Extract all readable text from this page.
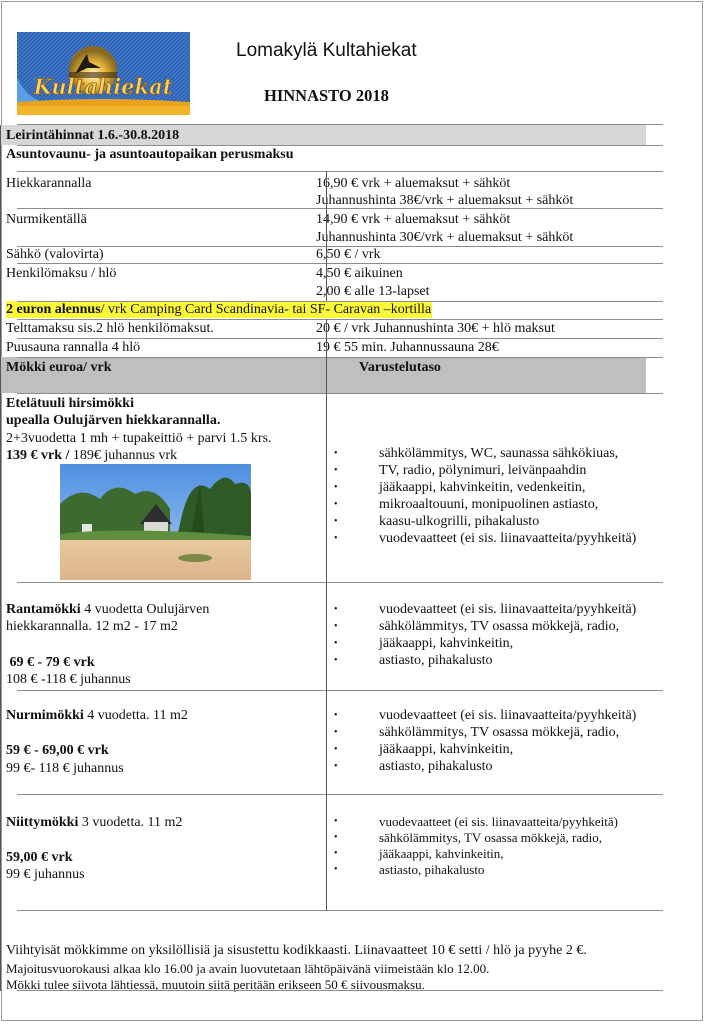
Kultahiekat
Lomakylä Kultahiekat
HINNASTO 2018
Leirintähinnat 1.6.-30.8.2018
Asuntovaunu- ja asuntoautopaikan perusmaksu
Hiekkarannalla	16,90 € vrk + aluemaksut + sähköt
Juhannushinta 38€/vrk + aluemaksut + sähköt
Nurmikentällä	14,90 € vrk + aluemaksut + sähköt
Juhannushinta 30€/vrk + aluemaksut + sähköt
Sähkö (valovirta)	6,50 € / vrk
Henkilömaksu / hlö	4,50 € aikuinen
2,00 € alle 13-lapset
2 euron alennus/ vrk Camping Card Scandinavia- tai SF- Caravan –kortilla
Telttamaksu sis.2 hlö henkilömaksut.	20 € / vrk Juhannushinta 30€ + hlö maksut
Puusauna rannalla 4 hlö	19 € 55 min. Juhannussauna 28€
Mökki euroa/ vrk	Varustelutaso
Etelätuuli hirsimökki
upealla Oulujärven hiekkarannalla.
2+3vuodetta 1 mh + tupakeittiö + parvi 1.5 krs.
139 € vrk / 189€ juhannus vrk	• sähkölämmitys, WC, saunassa sähkökiuas,
• TV, radio, pölynimuri, leivänpaahdin
• jääkaappi, kahvinkeitin, vedenkeitin,
• mikroaaltouuni, monipuolinen astiasto,
• kaasu-ulkogrilli, pihakalusto
• vuodevaatteet (ei sis. liinavaatteita/pyyhkeitä)
Rantamökki 4 vuodetta Oulujärven
hiekkarannalla. 12 m2 - 17 m2
69 € - 79 € vrk
108 € -118 € juhannus
• vuodevaatteet (ei sis. liinavaatteita/pyyhkeitä)
• sähkölämmitys, TV osassa mökkejä, radio,
• jääkaappi, kahvinkeitin,
• astiasto, pihakalusto
Nurmimökki 4 vuodetta. 11 m2
59 € - 69,00 € vrk
99 €- 118 € juhannus
• vuodevaatteet (ei sis. liinavaatteita/pyyhkeitä)
• sähkölämmitys, TV osassa mökkejä, radio,
• jääkaappi, kahvinkeitin,
• astiasto, pihakalusto
Niittymökki 3 vuodetta. 11 m2
59,00 € vrk
99 € juhannus
• vuodevaatteet (ei sis. liinavaatteita/pyyhkeitä)
• sähkölämmitys, TV osassa mökkejä, radio,
• jääkaappi, kahvinkeitin,
• astiasto, pihakalusto
Viihtyisät mökkimme on yksilöllisiä ja sisustettu kodikkaasti. Liinavaatteet 10 € setti / hlö ja pyyhe 2 €.
Majoitusvuorokausi alkaa klo 16.00 ja avain luovutetaan lähtöpäivänä viimeistään klo 12.00.
Mökki tulee siivota lähtiessä, muutoin siitä peritään erikseen 50 € siivousmaksu.
